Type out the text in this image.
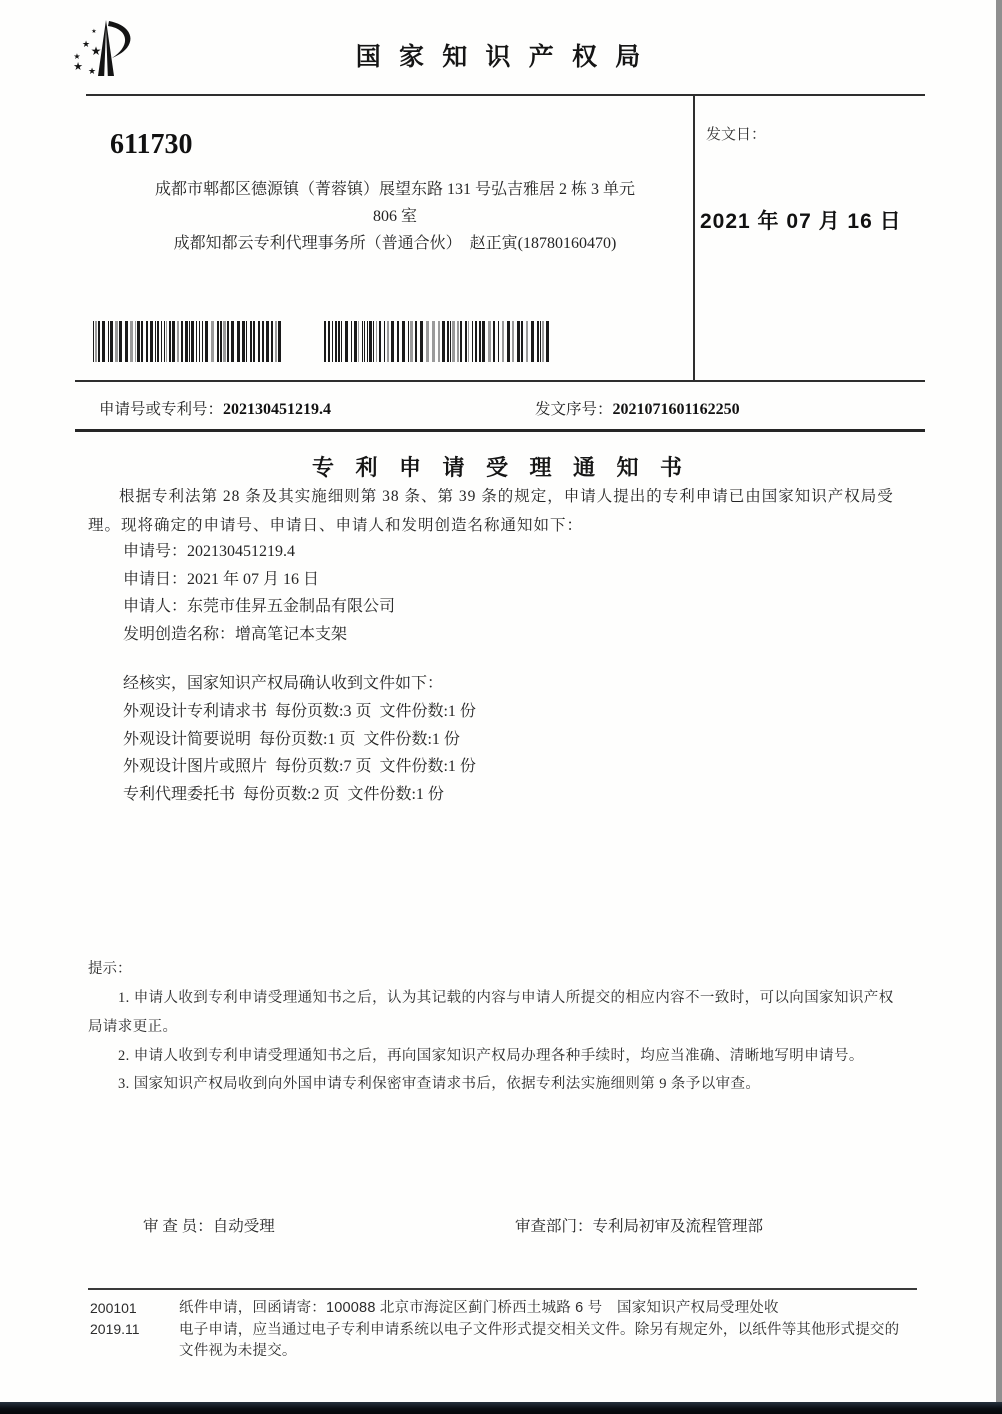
★
★ ★
★
★ ★	国 家 知 识 产 权 局
611730
成都市郫都区德源镇（菁蓉镇）展望东路 131 号弘吉雅居 2 栋 3 单元
806 室
成都知都云专利代理事务所（普通合伙）  赵正寅(18780160470)
发文日：
2021 年 07 月 16 日
申请号或专利号：202130451219.4	发文序号：2021071601162250
专 利 申 请 受 理 通 知 书
根据专利法第 28 条及其实施细则第 38 条、第 39 条的规定，申请人提出的专利申请已由国家知识产权局受理。现将确定的申请号、申请日、申请人和发明创造名称通知如下：
申请号：202130451219.4
申请日：2021 年 07 月 16 日
申请人：东莞市佳昇五金制品有限公司
发明创造名称：增高笔记本支架
经核实，国家知识产权局确认收到文件如下：
外观设计专利请求书  每份页数:3 页  文件份数:1 份
外观设计简要说明  每份页数:1 页  文件份数:1 份
外观设计图片或照片  每份页数:7 页  文件份数:1 份
专利代理委托书  每份页数:2 页  文件份数:1 份
提示：

1. 申请人收到专利申请受理通知书之后，认为其记载的内容与申请人所提交的相应内容不一致时，可以向国家知识产权局请求更正。

2. 申请人收到专利申请受理通知书之后，再向国家知识产权局办理各种手续时，均应当准确、清晰地写明申请号。

3. 国家知识产权局收到向外国申请专利保密审查请求书后，依据专利法实施细则第 9 条予以审查。

审 查 员：自动受理	审查部门：专利局初审及流程管理部
200101
2019.11

纸件申请，回函请寄：100088 北京市海淀区蓟门桥西土城路 6 号　国家知识产权局受理处收

电子申请，应当通过电子专利申请系统以电子文件形式提交相关文件。除另有规定外，以纸件等其他形式提交的文件视为未提交。
